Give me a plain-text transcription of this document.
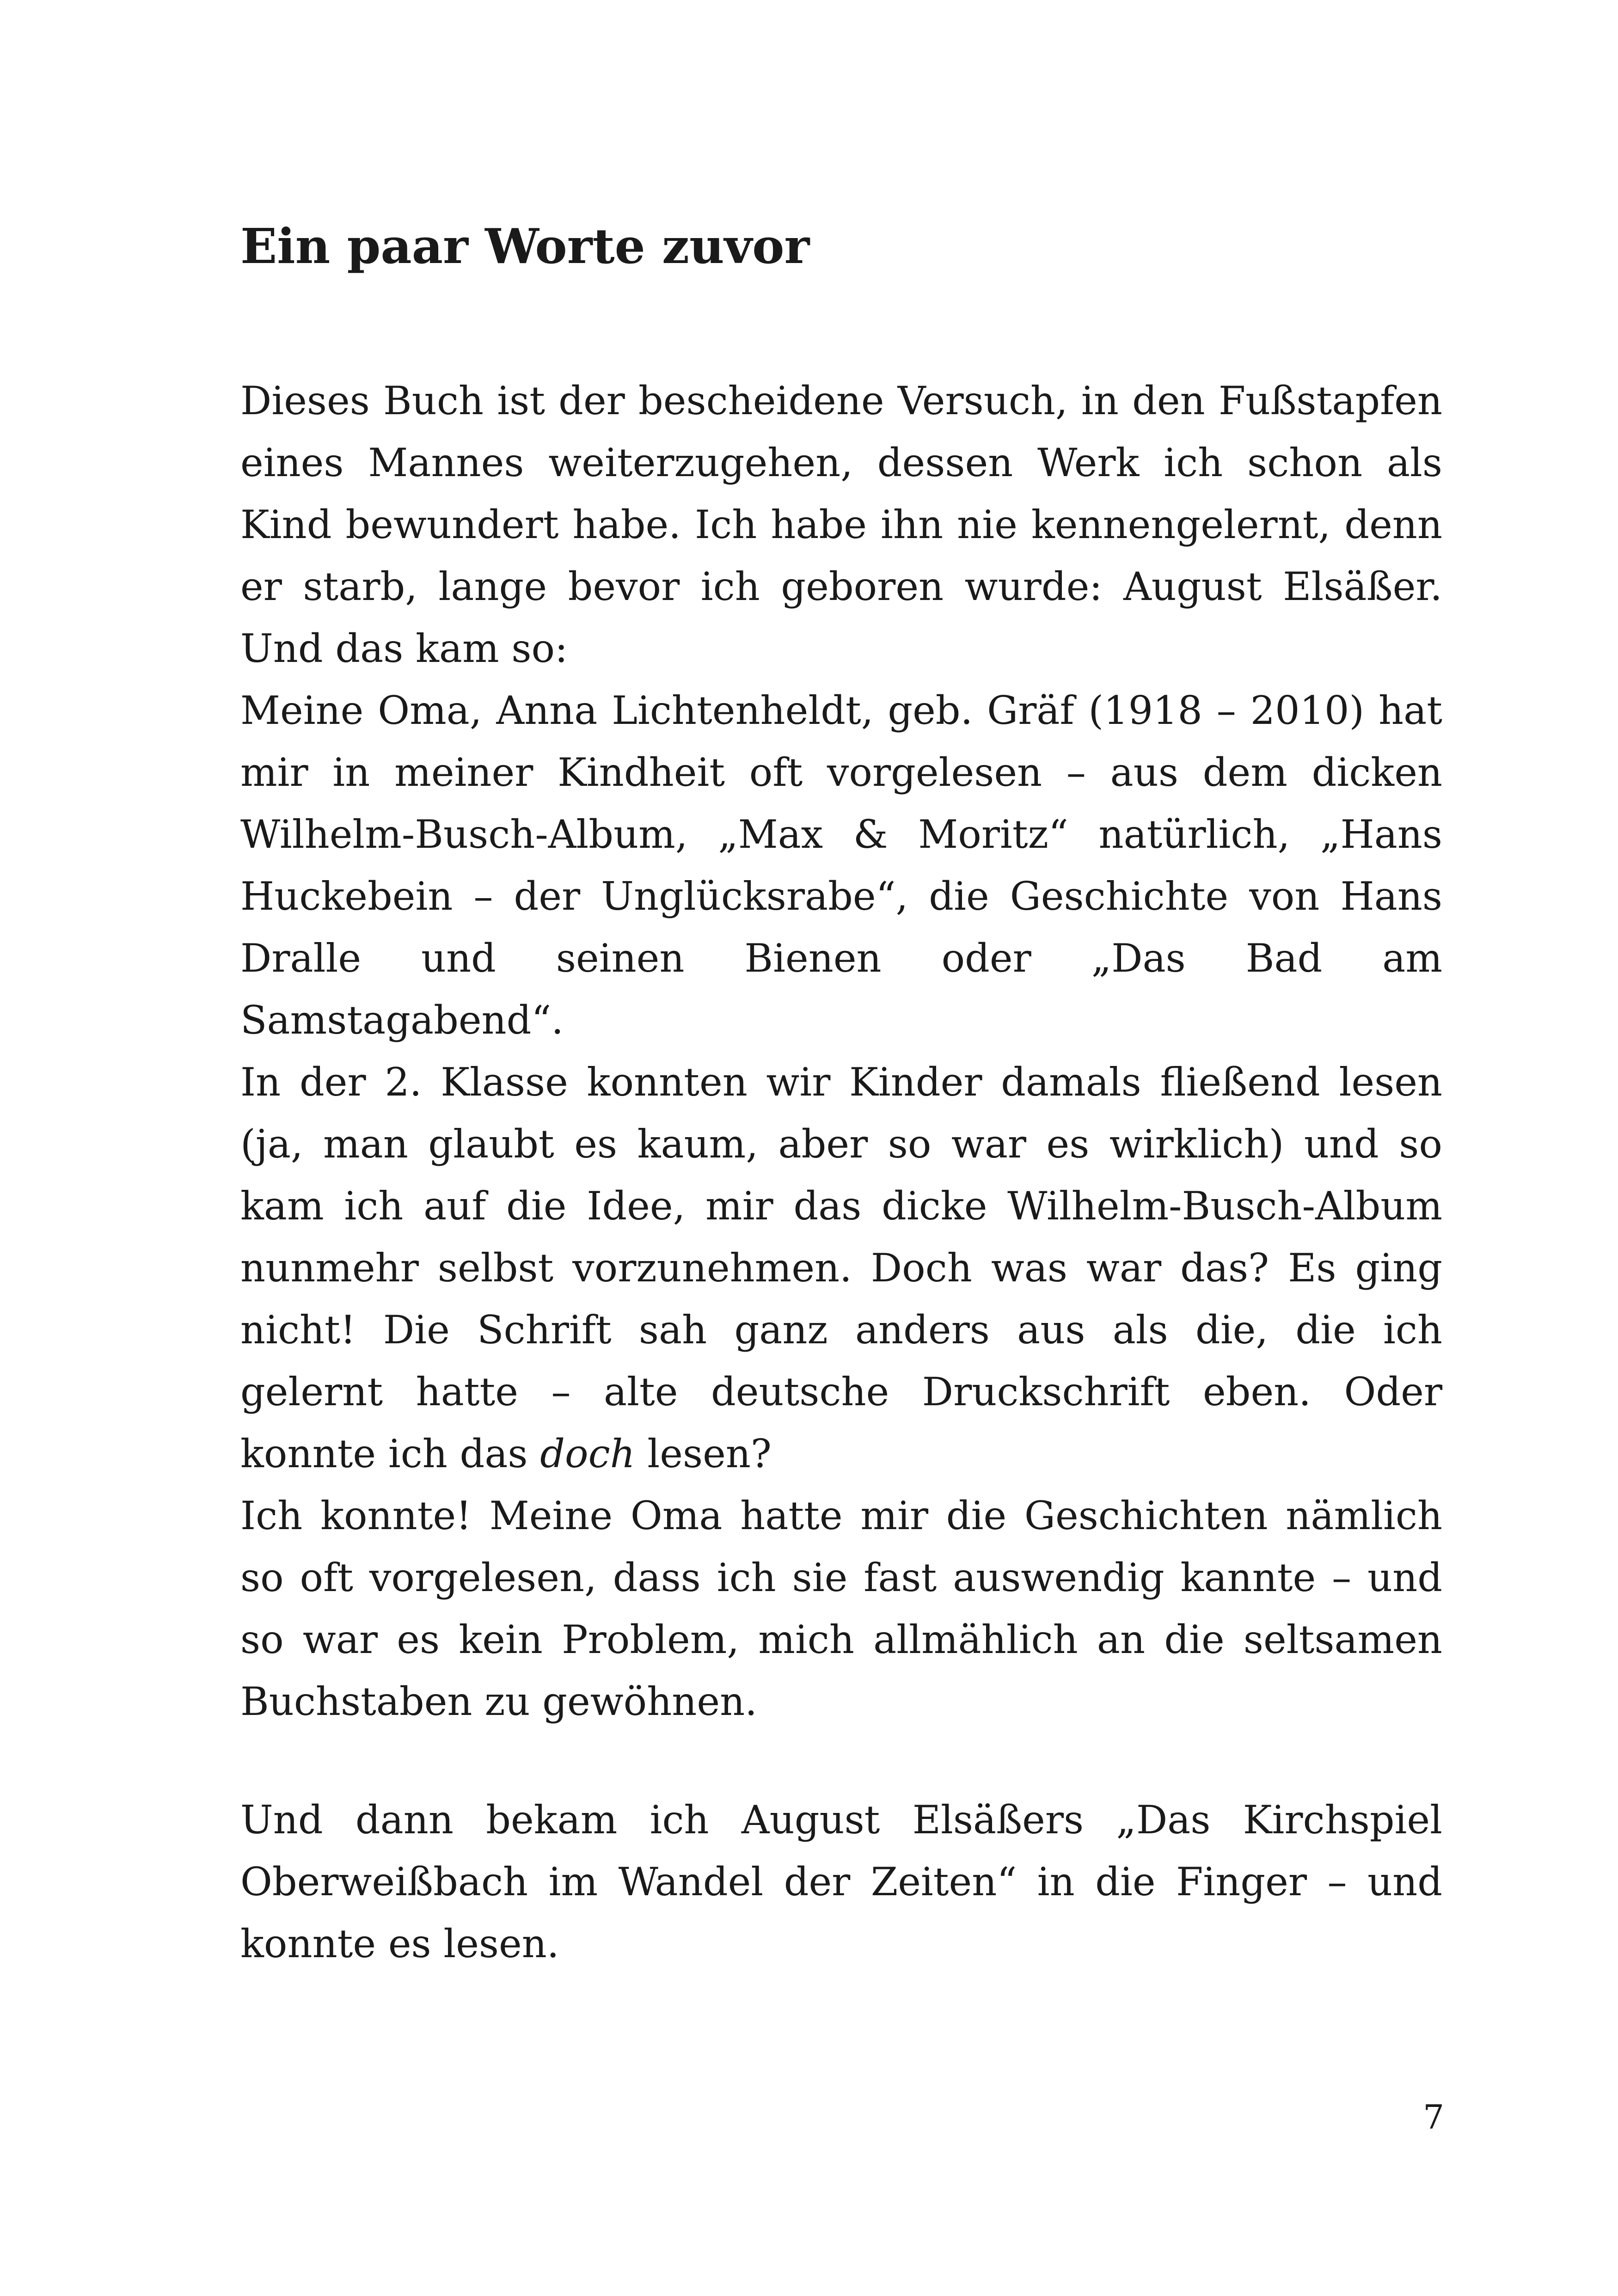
Ein paar Worte zuvor

Dieses Buch ist der bescheidene Versuch, in den Fußstapfen eines Mannes weiterzugehen, dessen Werk ich schon als Kind bewundert habe. Ich habe ihn nie kennengelernt, denn er starb, lange bevor ich geboren wurde: August Elsäßer. Und das kam so:

Meine Oma, Anna Lichtenheldt, geb. Gräf (1918 – 2010) hat mir in meiner Kindheit oft vorgelesen – aus dem dicken Wilhelm-Busch-Album, „Max & Moritz“ natürlich, „Hans Huckebein – der Unglücksrabe“, die Geschichte von Hans Dralle und seinen Bienen oder „Das Bad am Samstagabend“.

In der 2. Klasse konnten wir Kinder damals fließend lesen (ja, man glaubt es kaum, aber so war es wirklich) und so kam ich auf die Idee, mir das dicke Wilhelm-Busch-Album nunmehr selbst vorzunehmen. Doch was war das? Es ging nicht! Die Schrift sah ganz anders aus als die, die ich gelernt hatte – alte deutsche Druckschrift eben. Oder konnte ich das doch lesen?

Ich konnte! Meine Oma hatte mir die Geschichten nämlich so oft vorgelesen, dass ich sie fast auswendig kannte – und so war es kein Problem, mich allmählich an die seltsamen Buchstaben zu gewöhnen.

Und dann bekam ich August Elsäßers „Das Kirchspiel Oberweißbach im Wandel der Zeiten“ in die Finger – und konnte es lesen.

7
